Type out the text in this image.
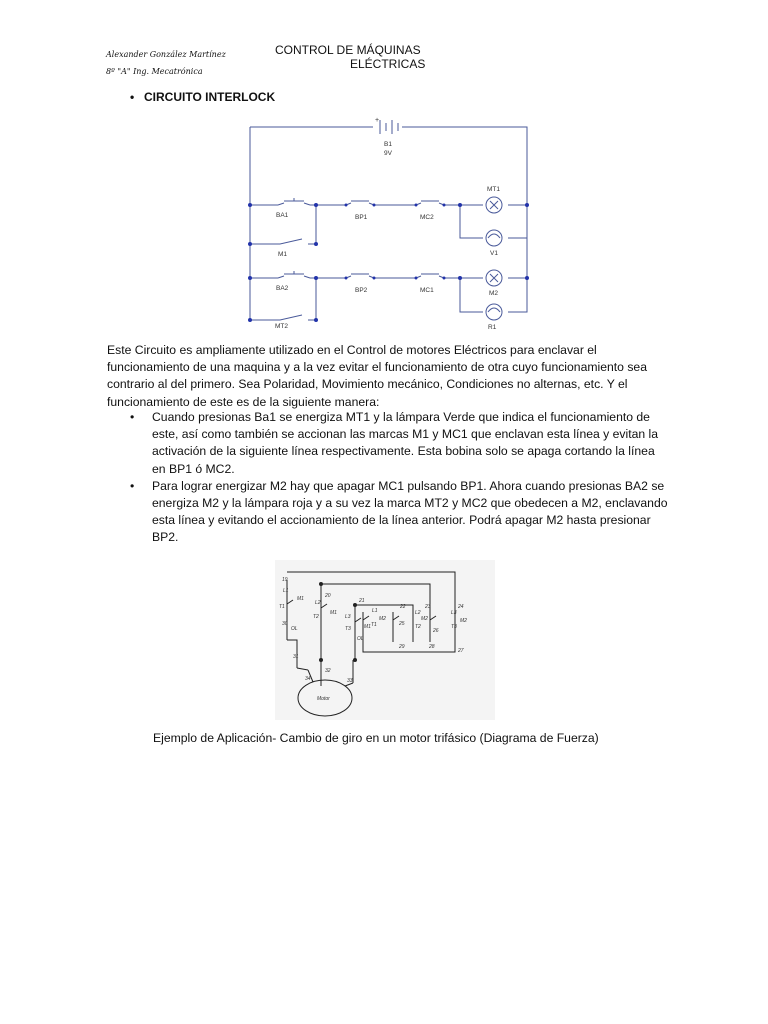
Alexander González Martínez
8º "A" Ing. Mecatrónica
CONTROL DE MÁQUINAS
ELÉCTRICAS
• CIRCUITO INTERLOCK
+
B1
9V
MT1
BA1	BP1	MC2
M1	V1
BA2	BP2	MC1	M2
MT2	R1
Este Circuito es ampliamente utilizado en el Control de motores Eléctricos para enclavar el funcionamiento de una maquina y a la vez evitar el funcionamiento de otra cuyo funcionamiento sea contrario al del primero. Sea Polaridad, Movimiento mecánico, Condiciones no alternas, etc. Y el funcionamiento de este es de la siguiente manera:
• Cuando presionas Ba1 se energiza MT1 y la lámpara Verde que indica el funcionamiento de este, así como también se accionan las marcas M1 y MC1 que enclavan esta línea y evitan la activación de la siguiente línea respectivamente. Esta bobina solo se apaga cortando la línea en BP1 ó MC2.
• Para lograr energizar M2 hay que apagar MC1 pulsando BP1. Ahora cuando presionas BA2 se energiza M2 y la lámpara roja y a su vez la marca MT2 y MC2 que obedecen a M2, enclavando esta línea y evitando el accionamiento de la línea anterior. Podrá apagar M2 hasta presionar BP2.
19
20
21
22	23	24
25
26
27
28
29
30
31
32
33
34
L1
L2
L3
L1	L2	L3
T1
T2
T3
T1	T2	T3
M1
M1
M1
M2	M2	M2
OL
OL
Motor
Ejemplo de Aplicación- Cambio de giro en un motor trifásico (Diagrama de Fuerza)
